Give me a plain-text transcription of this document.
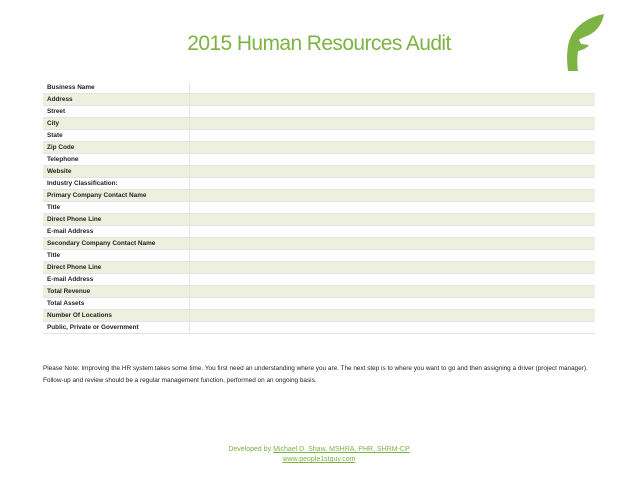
2015 Human Resources Audit
Business Name	
Address	
Street	
City	
State	
Zip Code	
Telephone	
Website	
Industry Classification:	
Primary Company Contact Name	
Title	
Direct Phone Line	
E-mail Address	
Secondary Company Contact Name	
Title	
Direct Phone Line	
E-mail Address	
Total Revenue	
Total Assets	
Number Of Locations	
Public, Private or Government	
Please Note: Improving the HR system takes some time. You first need an understanding where you are. The next step is to where you want to go and then assigning a driver (project manager). Follow-up and review should be a regular management function, performed on an ongoing basis.
Developed by Michael D. Shaw, MSHRA, PHR, SHRM-CP
www.people1stguy.com
